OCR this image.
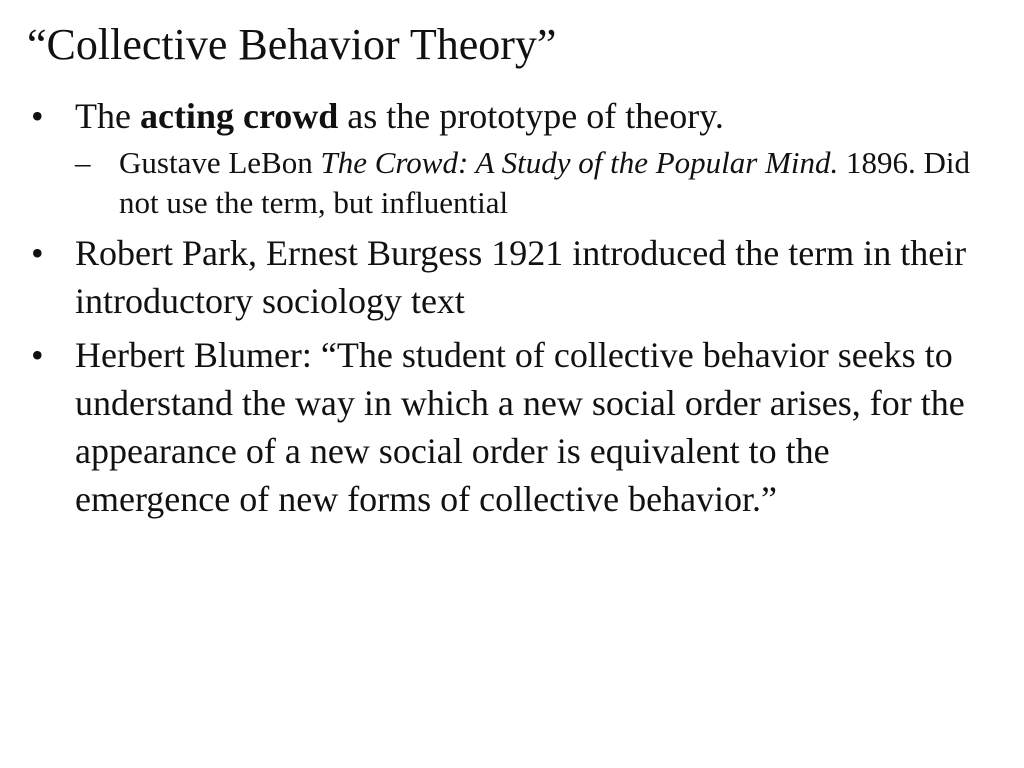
“Collective Behavior Theory”
• The acting crowd as the prototype of theory.
– Gustave LeBon The Crowd: A Study of the Popular Mind. 1896. Did not use the term, but influential
• Robert Park, Ernest Burgess 1921 introduced the term in their introductory sociology text
• Herbert Blumer: “The student of collective behavior seeks to understand the way in which a new social order arises, for the appearance of a new social order is equivalent to the emergence of new forms of collective behavior.”
